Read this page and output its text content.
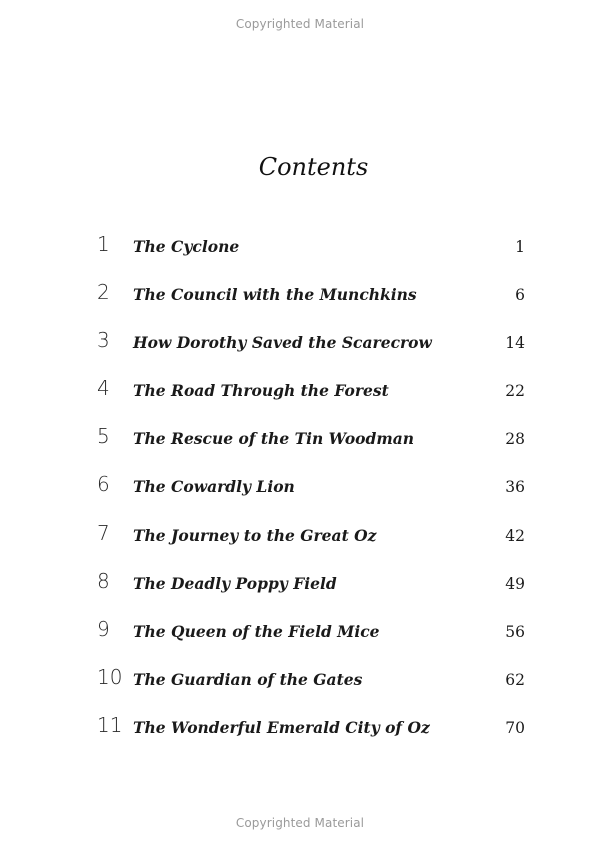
Copyrighted Material
Contents
1 The Cyclone	1
2 The Council with the Munchkins	6
3 How Dorothy Saved the Scarecrow	14
4 The Road Through the Forest	22
5 The Rescue of the Tin Woodman	28
6 The Cowardly Lion	36
7 The Journey to the Great Oz	42
8 The Deadly Poppy Field	49
9 The Queen of the Field Mice	56
10 The Guardian of the Gates	62
11 The Wonderful Emerald City of Oz	70
Copyrighted Material
